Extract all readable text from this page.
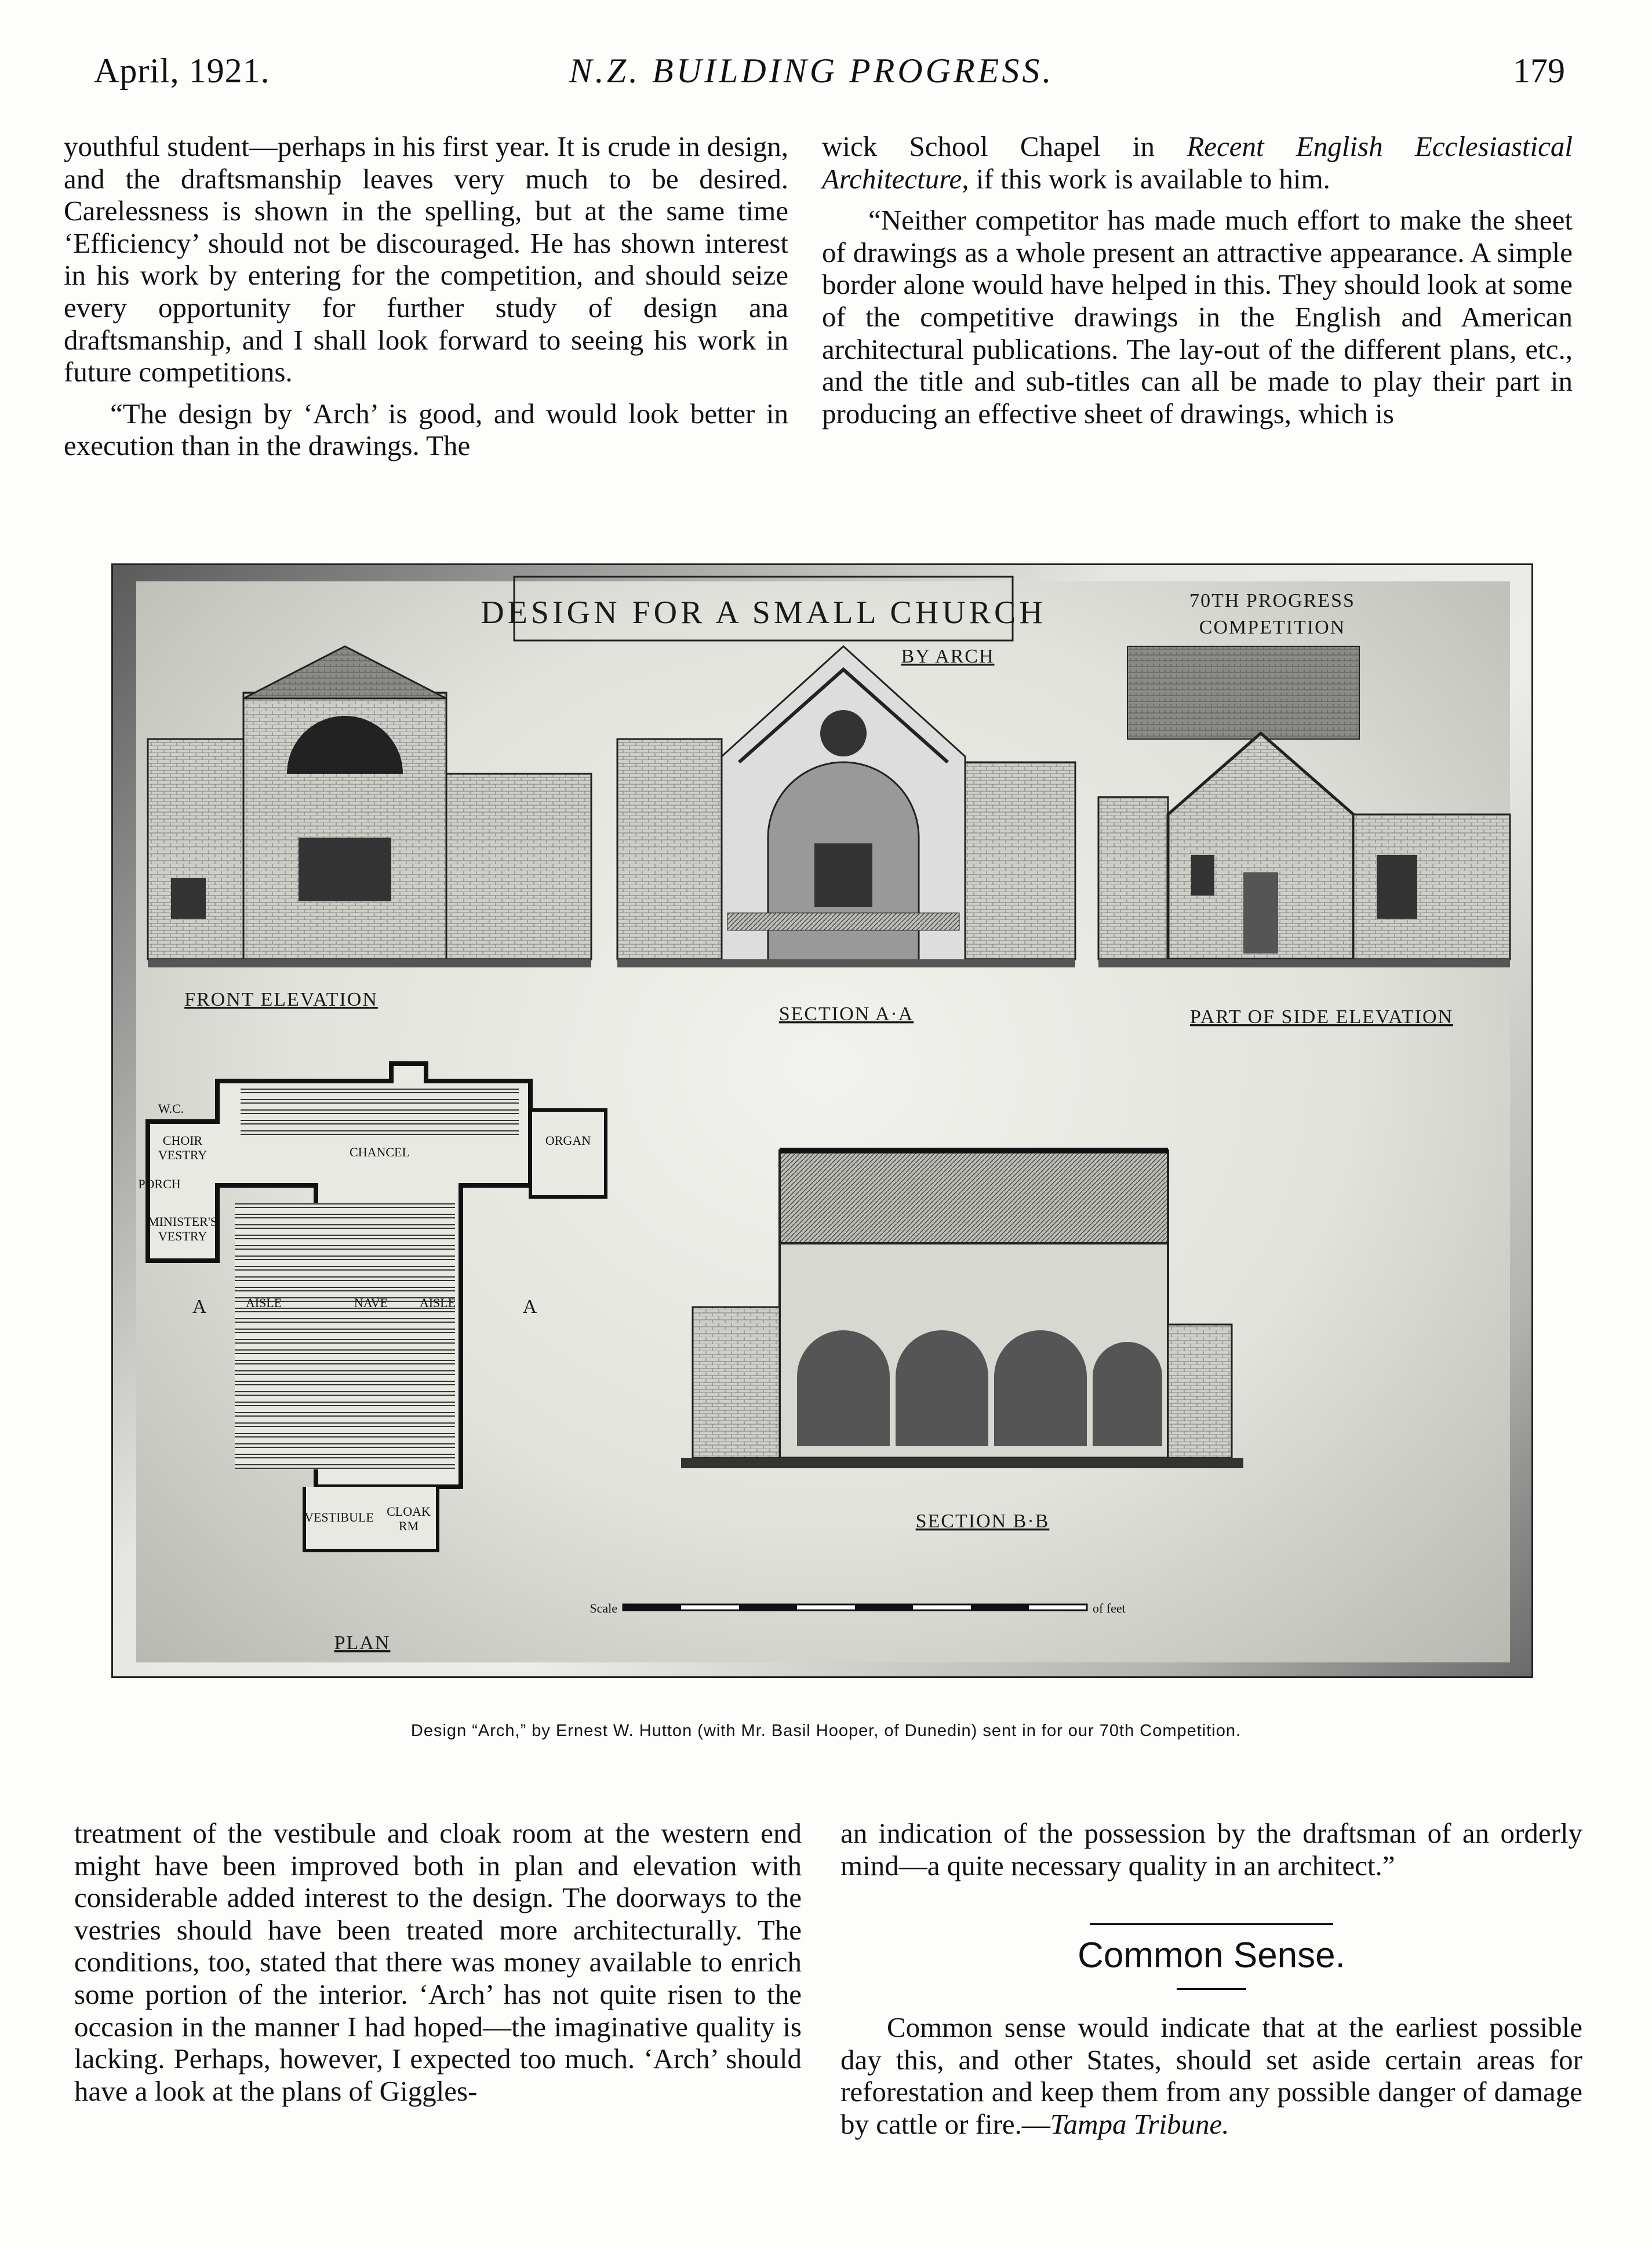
April, 1921.	N.Z. BUILDING PROGRESS.	179

youthful student—perhaps in his first year. It is crude in design, and the draftsmanship leaves very much to be desired. Carelessness is shown in the spelling, but at the same time ‘Efficiency’ should not be discouraged. He has shown interest in his work by entering for the competition, and should seize every opportunity for further study of design ana draftsmanship, and I shall look forward to seeing his work in future competitions.

“The design by ‘Arch’ is good, and would look better in execution than in the drawings. The

wick School Chapel in Recent English Ecclesiastical Architecture, if this work is available to him.

“Neither competitor has made much effort to make the sheet of drawings as a whole present an attractive appearance. A simple border alone would have helped in this. They should look at some of the competitive drawings in the English and American architectural publications. The lay-out of the different plans, etc., and the title and sub-titles can all be made to play their part in producing an effective sheet of drawings, which is

DESIGN FOR A SMALL CHURCH
BY ARCH
70TH PROGRESS
COMPETITION
FRONT ELEVATION
SECTION A·A	PART OF SIDE ELEVATION
NAVE
AISLE	AISLE
CHANCEL
ORGAN
CHOIR
VESTRY
MINISTER'S
VESTRY
W.C.
PORCH
VESTIBULE CLOAK
RM
A	A
PLAN
SECTION B·B
Scale	of feet
Design “Arch,” by Ernest W. Hutton (with Mr. Basil Hooper, of Dunedin) sent in for our 70th Competition.

treatment of the vestibule and cloak room at the western end might have been improved both in plan and elevation with considerable added interest to the design. The doorways to the vestries should have been treated more architecturally. The conditions, too, stated that there was money available to enrich some portion of the interior. ‘Arch’ has not quite risen to the occasion in the manner I had hoped—the imaginative quality is lacking. Perhaps, however, I expected too much. ‘Arch’ should have a look at the plans of Giggles-

an indication of the possession by the draftsman of an orderly mind—a quite necessary quality in an architect.”

Common Sense.

Common sense would indicate that at the earliest possible day this, and other States, should set aside certain areas for reforestation and keep them from any possible danger of damage by cattle or fire.—Tampa Tribune.
